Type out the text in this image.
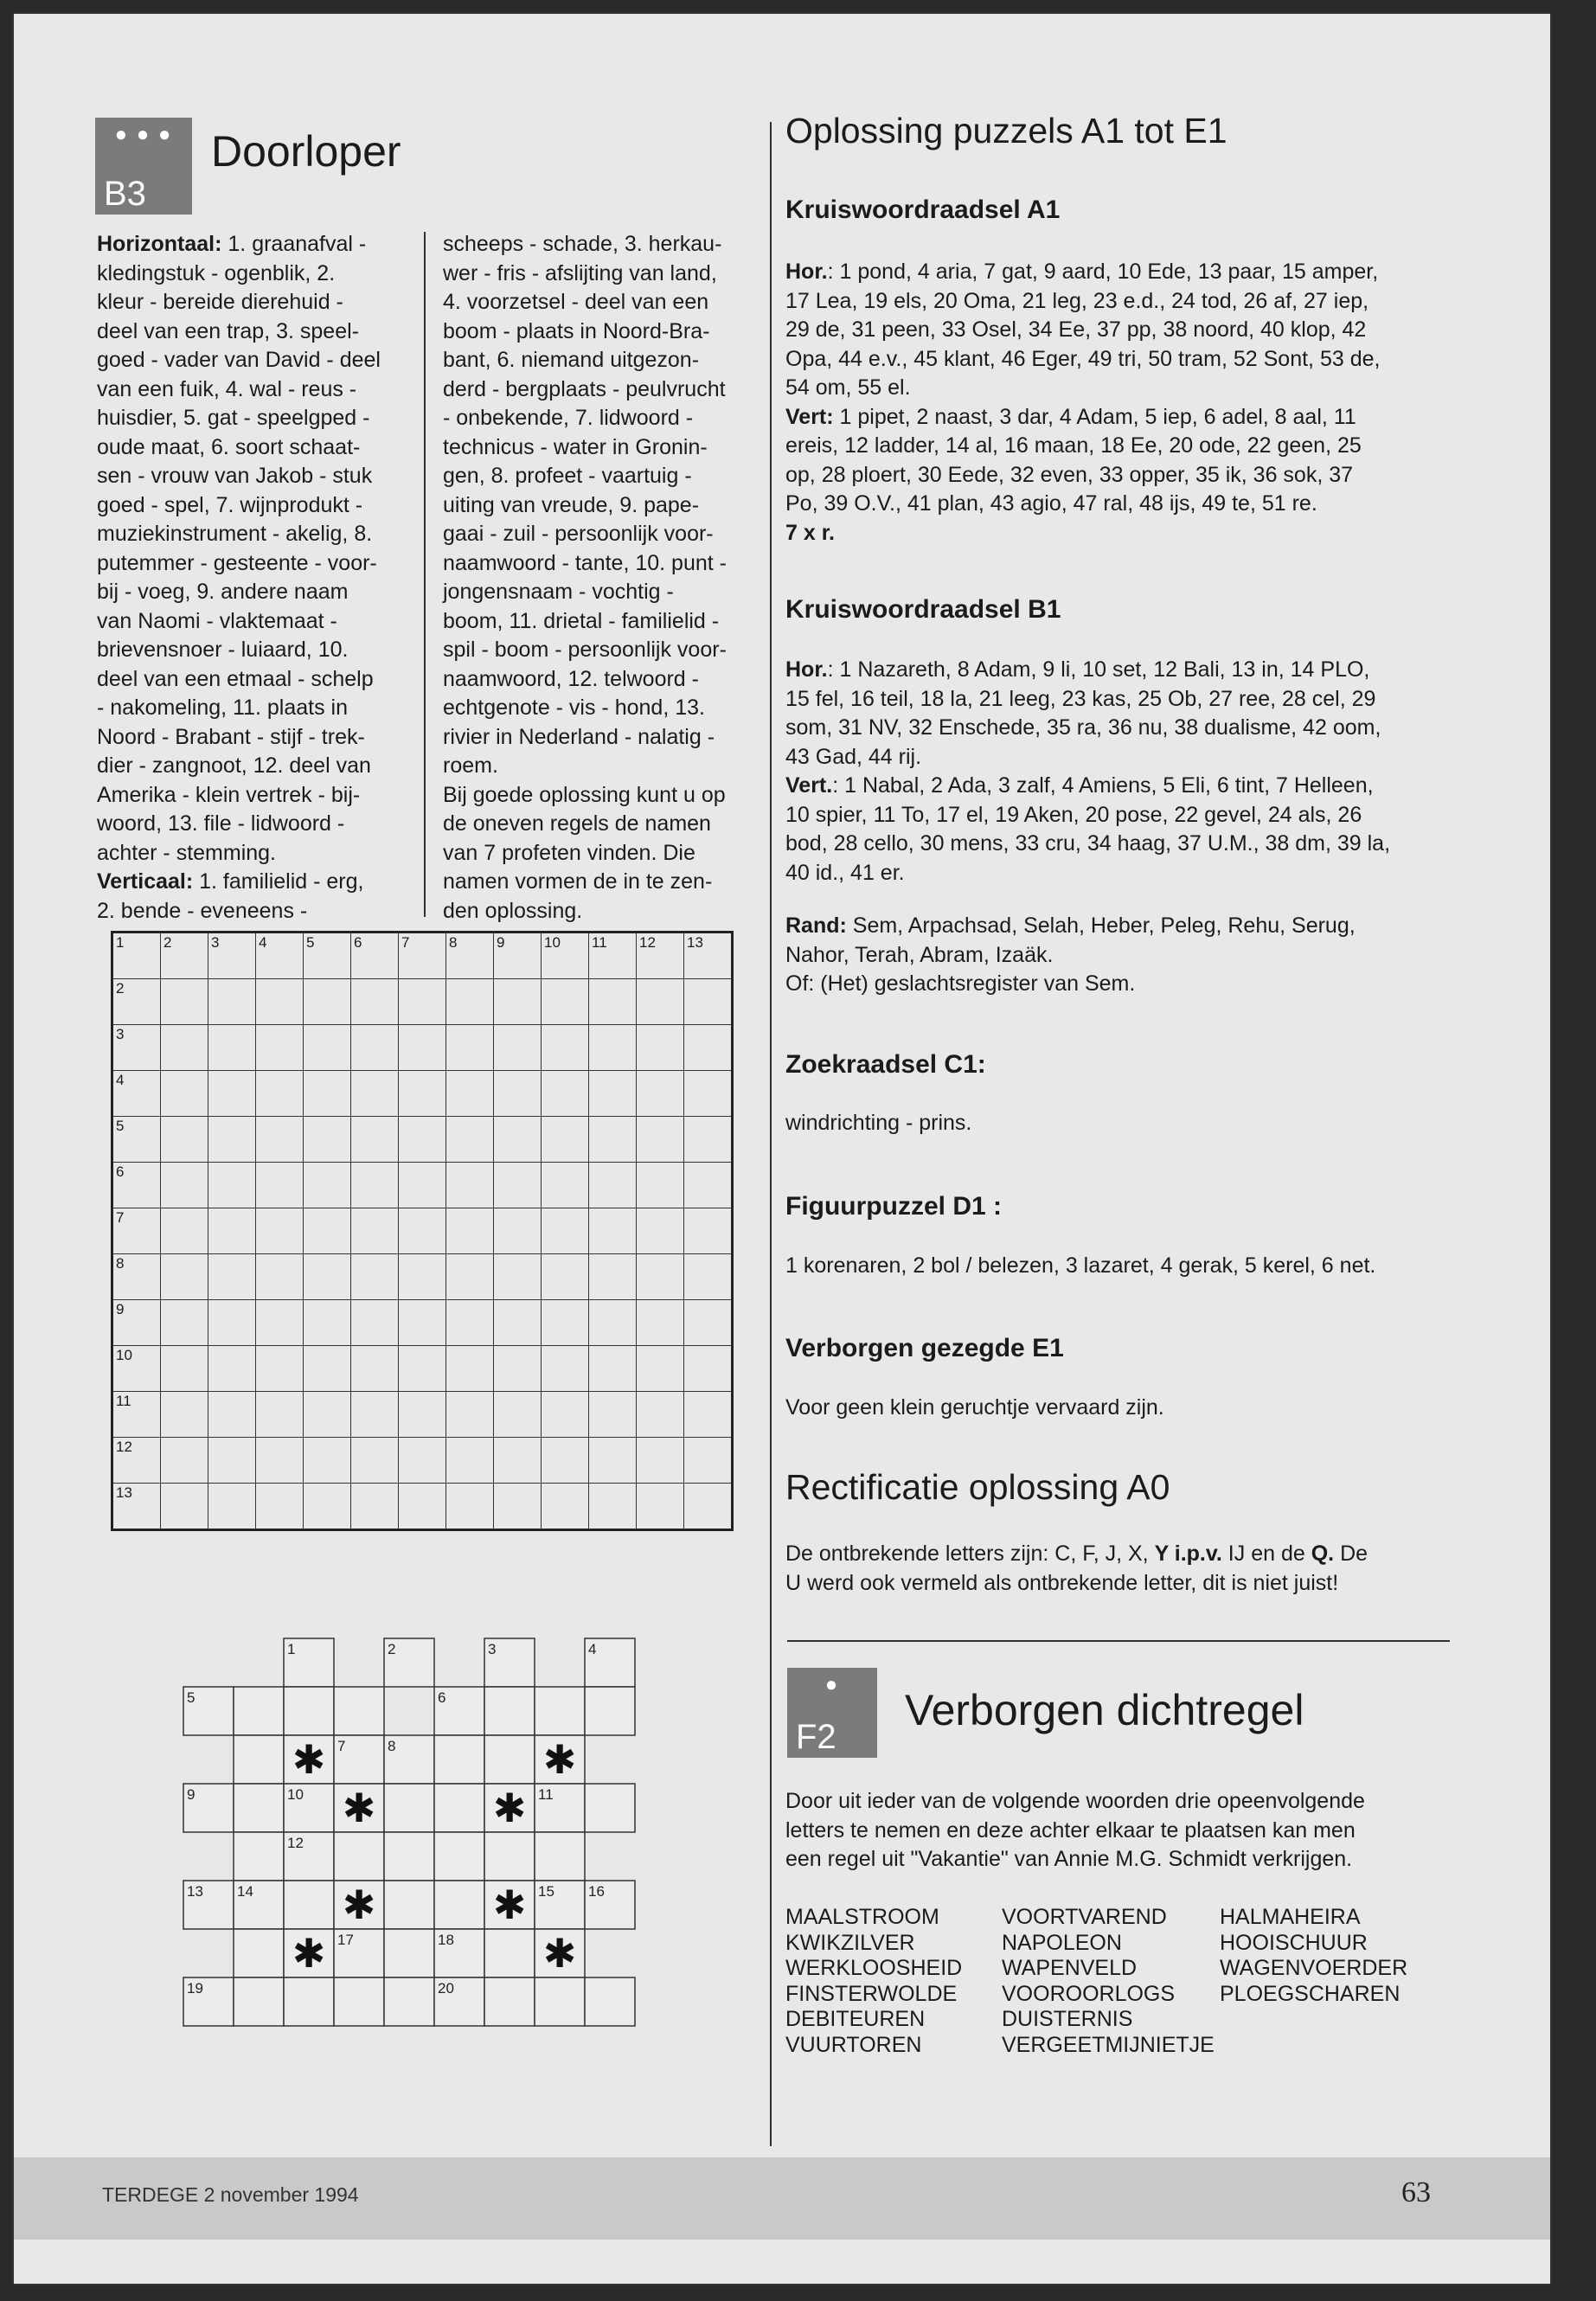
● ● ●
B3
Doorloper

Horizontaal: 1. graanafval -

kledingstuk - ogenblik, 2.

kleur - bereide dierehuid -

deel van een trap, 3. speel-

goed - vader van David - deel

van een fuik, 4. wal - reus -

huisdier, 5. gat - speelgped -

oude maat, 6. soort schaat-

sen - vrouw van Jakob - stuk

goed - spel, 7. wijnprodukt -

muziekinstrument - akelig, 8.

putemmer - gesteente - voor-

bij - voeg, 9. andere naam

van Naomi - vlaktemaat -

brievensnoer - luiaard, 10.

deel van een etmaal - schelp

- nakomeling, 11. plaats in

Noord - Brabant - stijf - trek-

dier - zangnoot, 12. deel van

Amerika - klein vertrek - bij-

woord, 13. file - lidwoord -

achter - stemming.

Verticaal: 1. familielid - erg,

2. bende - eveneens -

scheeps - schade, 3. herkau-

wer - fris - afslijting van land,

4. voorzetsel - deel van een

boom - plaats in Noord-Bra-

bant, 6. niemand uitgezon-

derd - bergplaats - peulvrucht

- onbekende, 7. lidwoord -

technicus - water in Gronin-

gen, 8. profeet - vaartuig -

uiting van vreude, 9. pape-

gaai - zuil - persoonlijk voor-

naamwoord - tante, 10. punt -

jongensnaam - vochtig -

boom, 11. drietal - familielid -

spil - boom - persoonlijk voor-

naamwoord, 12. telwoord -

echtgenote - vis - hond, 13.

rivier in Nederland - nalatig -

roem.

Bij goede oplossing kunt u op

de oneven regels de namen

van 7 profeten vinden. Die

namen vormen de in te zen-

den oplossing.

1	2	3	4	5	6	7	8	9	10	11	12	13

2												

3												

4												

5												

6												

7												

8												

9												

10												

11												

12												

13												

1	2	3	4
5	6
7	8
9	10	11
12
13 14	15 16
17	18
19	20
✱	✱
✱	✱
✱	✱
✱	✱
Oplossing puzzels A1 tot E1
Kruiswoordraadsel A1

Hor.: 1 pond, 4 aria, 7 gat, 9 aard, 10 Ede, 13 paar, 15 amper,

17 Lea, 19 els, 20 Oma, 21 leg, 23 e.d., 24 tod, 26 af, 27 iep,

29 de, 31 peen, 33 Osel, 34 Ee, 37 pp, 38 noord, 40 klop, 42

Opa, 44 e.v., 45 klant, 46 Eger, 49 tri, 50 tram, 52 Sont, 53 de,

54 om, 55 el.

Vert: 1 pipet, 2 naast, 3 dar, 4 Adam, 5 iep, 6 adel, 8 aal, 11

ereis, 12 ladder, 14 al, 16 maan, 18 Ee, 20 ode, 22 geen, 25

op, 28 ploert, 30 Eede, 32 even, 33 opper, 35 ik, 36 sok, 37

Po, 39 O.V., 41 plan, 43 agio, 47 ral, 48 ijs, 49 te, 51 re.

7 x r.

Kruiswoordraadsel B1

Hor.: 1 Nazareth, 8 Adam, 9 li, 10 set, 12 Bali, 13 in, 14 PLO,

15 fel, 16 teil, 18 la, 21 leeg, 23 kas, 25 Ob, 27 ree, 28 cel, 29

som, 31 NV, 32 Enschede, 35 ra, 36 nu, 38 dualisme, 42 oom,

43 Gad, 44 rij.

Vert.: 1 Nabal, 2 Ada, 3 zalf, 4 Amiens, 5 Eli, 6 tint, 7 Helleen,

10 spier, 11 To, 17 el, 19 Aken, 20 pose, 22 gevel, 24 als, 26

bod, 28 cello, 30 mens, 33 cru, 34 haag, 37 U.M., 38 dm, 39 la,

40 id., 41 er.

Rand: Sem, Arpachsad, Selah, Heber, Peleg, Rehu, Serug,

Nahor, Terah, Abram, Izaäk.

Of: (Het) geslachtsregister van Sem.

Zoekraadsel C1:

windrichting - prins.

Figuurpuzzel D1 :

1 korenaren, 2 bol / belezen, 3 lazaret, 4 gerak, 5 kerel, 6 net.

Verborgen gezegde E1

Voor geen klein geruchtje vervaard zijn.

Rectificatie oplossing A0

De ontbrekende letters zijn: C, F, J, X, Y i.p.v. IJ en de Q. De
U werd ook vermeld als ontbrekende letter, dit is niet juist!

●
F2
Verborgen dichtregel

Door uit ieder van de volgende woorden drie opeenvolgende

letters te nemen en deze achter elkaar te plaatsen kan men

een regel uit "Vakantie" van Annie M.G. Schmidt verkrijgen.

MAALSTROOM
KWIKZILVER
WERKLOOSHEID
FINSTERWOLDE
DEBITEUREN
VUURTOREN
VOORTVAREND
NAPOLEON
WAPENVELD
VOOROORLOGS
DUISTERNIS
VERGEETMIJNIETJE
HALMAHEIRA
HOOISCHUUR
WAGENVOERDER
PLOEGSCHAREN
TERDEGE 2 november 1994	63
